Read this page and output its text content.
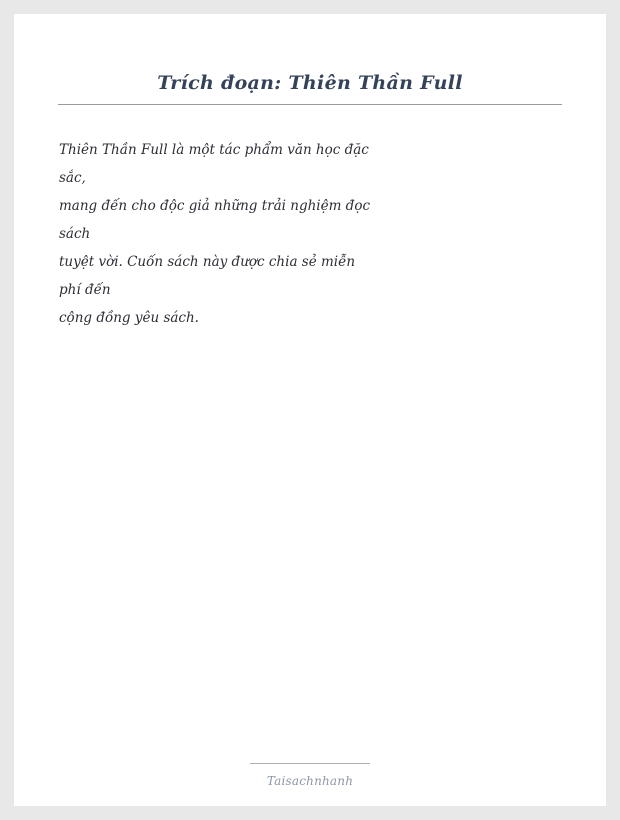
Trích đoạn: Thiên Thần Full
Thiên Thần Full là một tác phẩm văn học đặc
sắc,
mang đến cho độc giả những trải nghiệm đọc
sách
tuyệt vời. Cuốn sách này được chia sẻ miễn
phí đến
cộng đồng yêu sách.
Taisachnhanh
